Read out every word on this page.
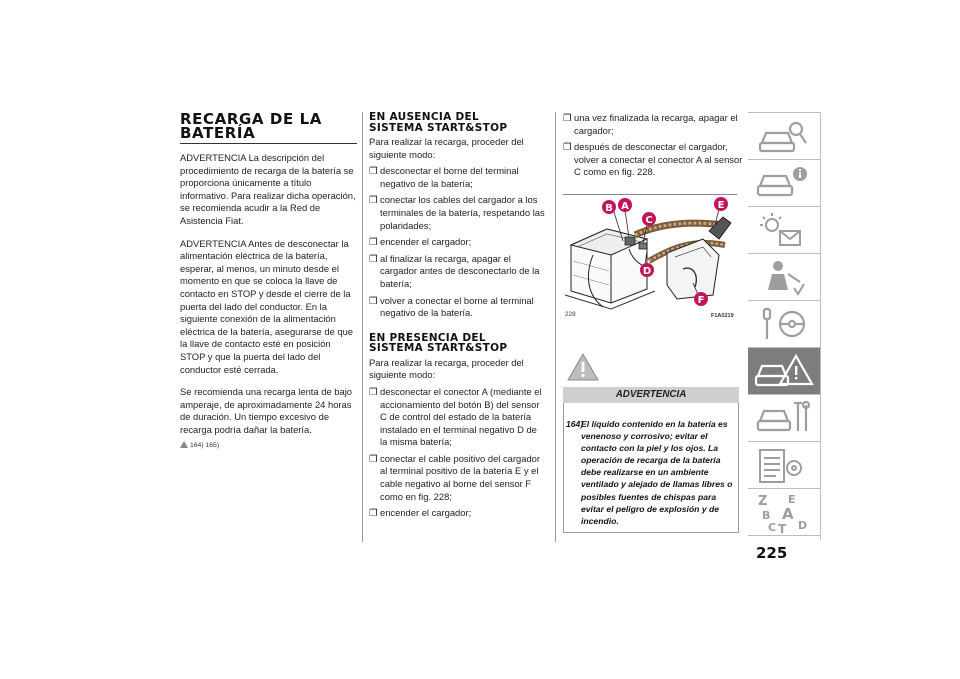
RECARGA DE LA
BATERÍA

ADVERTENCIA La descripción del procedimiento de recarga de la batería se proporciona únicamente a título informativo. Para realizar dicha operación, se recomienda acudir a la Red de Asistencia Fiat.

ADVERTENCIA Antes de desconectar la alimentación eléctrica de la batería, esperar, al menos, un minuto desde el momento en que se coloca la llave de contacto en STOP y desde el cierre de la puerta del lado del conductor. En la siguiente conexión de la alimentación eléctrica de la batería, asegurarse de que la llave de contacto esté en posición STOP y que la puerta del lado del conductor esté cerrada.

Se recomienda una recarga lenta de bajo amperaje, de aproximadamente 24 horas de duración. Un tiempo excesivo de recarga podría dañar la batería.

164) 165)
EN AUSENCIA DEL
SISTEMA START&STOP

Para realizar la recarga, proceder del siguiente modo:

❒ desconectar el borne del terminal negativo de la batería;
❒ conectar los cables del cargador a los terminales de la batería, respetando las polaridades;
❒ encender el cargador;
❒ al finalizar la recarga, apagar el cargador antes de desconectarlo de la batería;
❒ volver a conectar el borne al terminal negativo de la batería.
EN PRESENCIA DEL
SISTEMA START&STOP

Para realizar la recarga, proceder del siguiente modo:

❒ desconectar el conector A (mediante el accionamiento del botón B) del sensor C de control del estado de la batería instalado en el terminal negativo D de la misma batería;
❒ conectar el cable positivo del cargador al terminal positivo de la batería E y el cable negativo al borne del sensor F como en fig. 228;
❒ encender el cargador;
❒ una vez finalizada la recarga, apagar el cargador;
❒ después de desconectar el cargador, volver a conectar el conector A al sensor C como en fig. 228.
B A
C
D
E
F
228	F1A0219
ADVERTENCIA
164)
El líquido contenido en la batería es venenoso y corrosivo; evitar el contacto con la piel y los ojos. La operación de recarga de la batería debe realizarse en un ambiente ventilado y alejado de llamas libres o posibles fuentes de chispas para evitar el peligro de explosión y de incendio.
225
Z E
B A
C T D
